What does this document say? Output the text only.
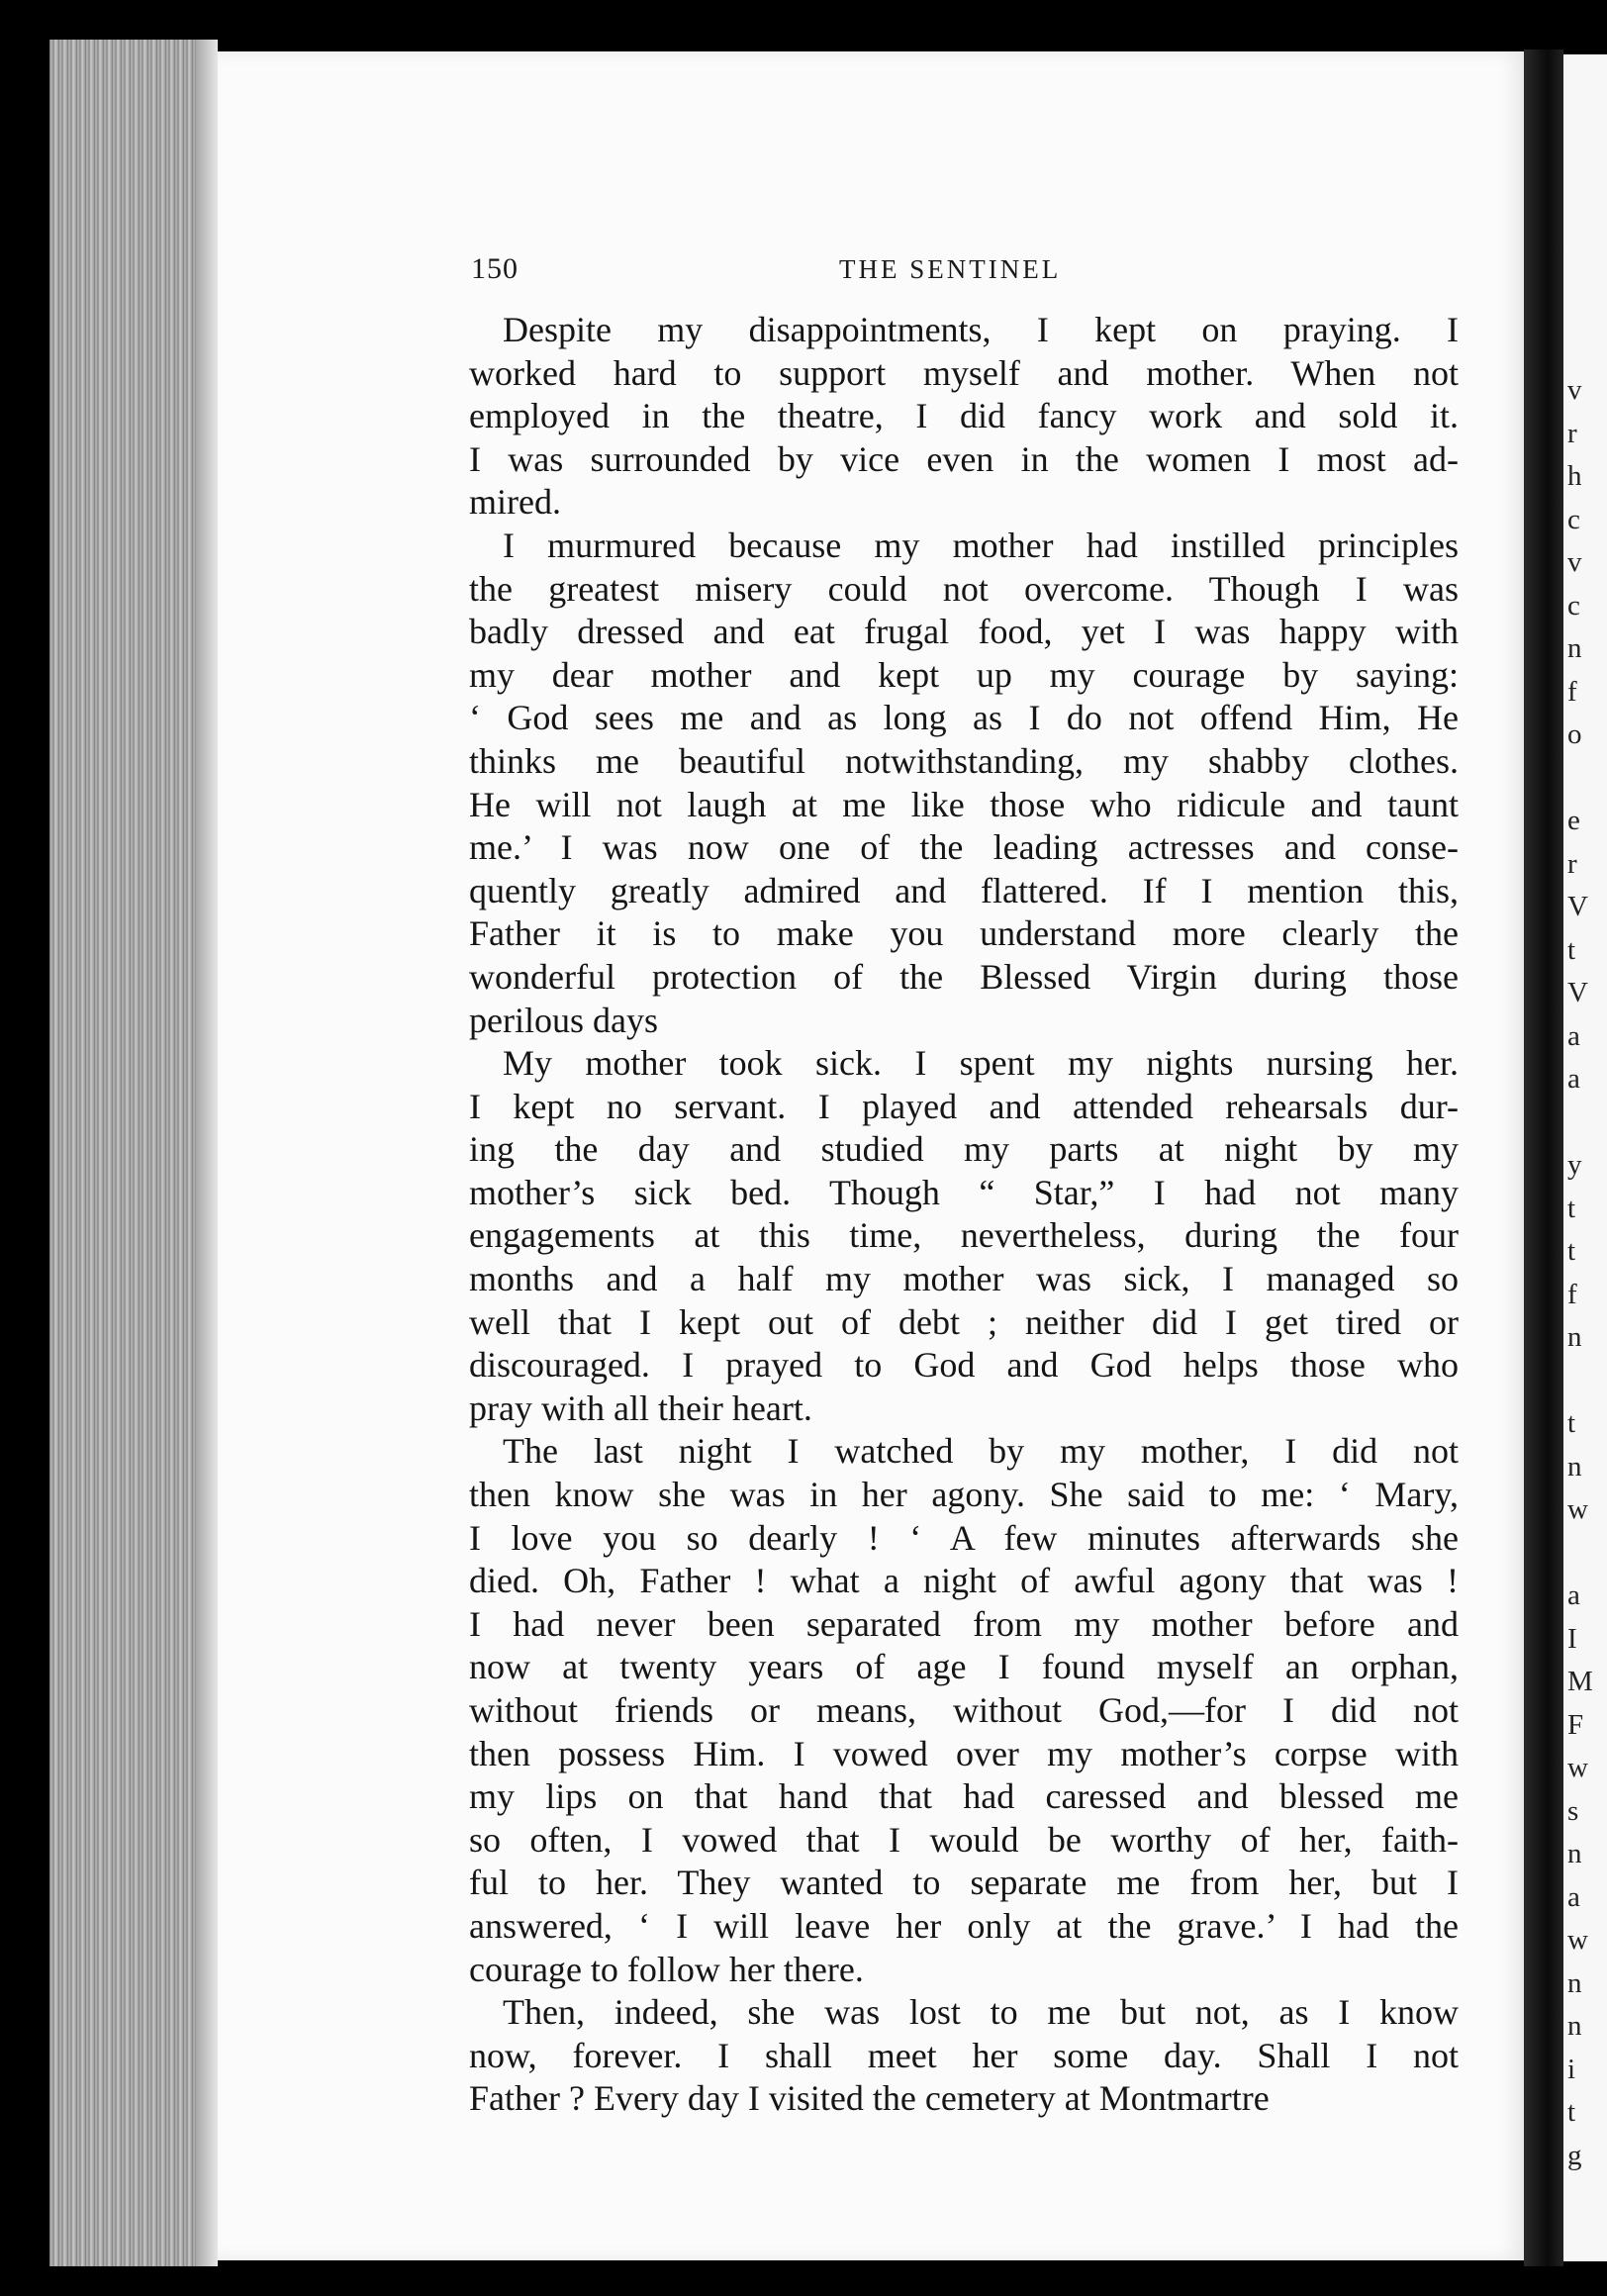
v
r
h
c
v
c
n
f
o

e
r
V
t
V
a
a

y
t
t
f
n

t
n
w

a
I
M
F
w
s
n
a
w
n
n
i
t
g
150	THE SENTINEL
Despite my disappointments, I kept on praying. I
worked hard to support myself and mother. When not
employed in the theatre, I did fancy work and sold it.
I was surrounded by vice even in the women I most ad-
mired.
I murmured because my mother had instilled principles
the greatest misery could not overcome. Though I was
badly dressed and eat frugal food, yet I was happy with
my dear mother and kept up my courage by saying:
‘ God sees me and as long as I do not offend Him, He
thinks me beautiful notwithstanding, my shabby clothes.
He will not laugh at me like those who ridicule and taunt
me.’ I was now one of the leading actresses and conse-
quently greatly admired and flattered. If I mention this,
Father it is to make you understand more clearly the
wonderful protection of the Blessed Virgin during those
perilous days
My mother took sick. I spent my nights nursing her.
I kept no servant. I played and attended rehearsals dur-
ing the day and studied my parts at night by my
mother’s sick bed. Though “ Star,” I had not many
engagements at this time, nevertheless, during the four
months and a half my mother was sick, I managed so
well that I kept out of debt ; neither did I get tired or
discouraged. I prayed to God and God helps those who
pray with all their heart.
The last night I watched by my mother, I did not
then know she was in her agony. She said to me: ‘ Mary,
I love you so dearly ! ‘ A few minutes afterwards she
died. Oh, Father ! what a night of awful agony that was !
I had never been separated from my mother before and
now at twenty years of age I found myself an orphan,
without friends or means, without God,—for I did not
then possess Him. I vowed over my mother’s corpse with
my lips on that hand that had caressed and blessed me
so often, I vowed that I would be worthy of her, faith-
ful to her. They wanted to separate me from her, but I
answered, ‘ I will leave her only at the grave.’ I had the
courage to follow her there.
Then, indeed, she was lost to me but not, as I know
now, forever. I shall meet her some day. Shall I not
Father ? Every day I visited the cemetery at Montmartre
